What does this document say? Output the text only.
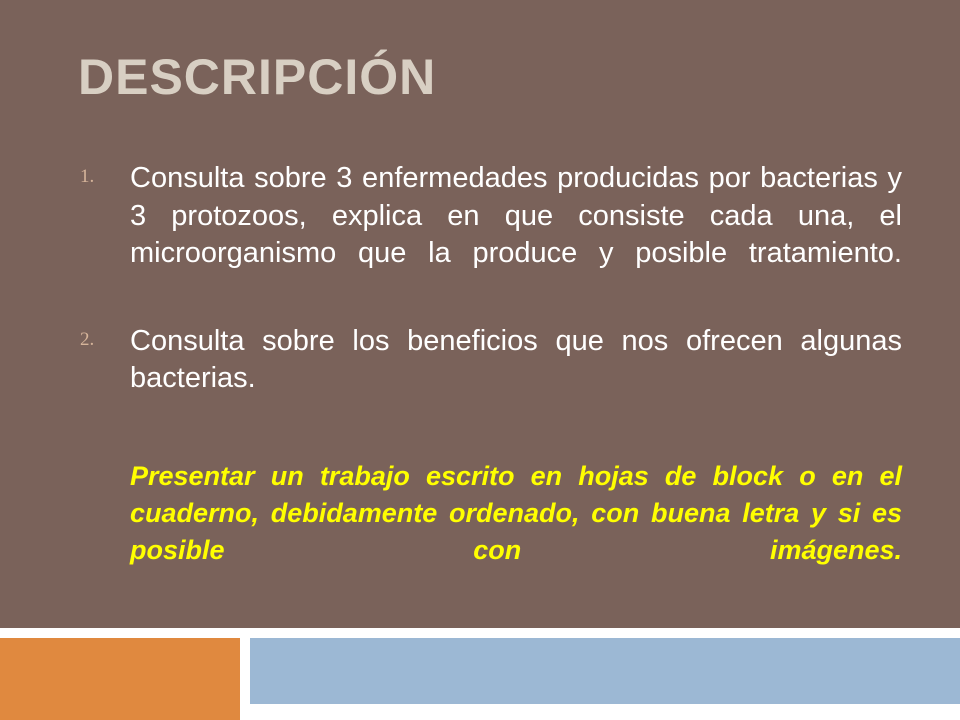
DESCRIPCIÓN
1. Consulta sobre 3 enfermedades producidas por bacterias y 3 protozoos, explica en que consiste cada una, el microorganismo que la produce y posible tratamiento.
2. Consulta sobre los beneficios que nos ofrecen algunas bacterias.
Presentar un trabajo escrito en hojas de block o en el cuaderno, debidamente ordenado, con buena letra y si es posible con imágenes.
